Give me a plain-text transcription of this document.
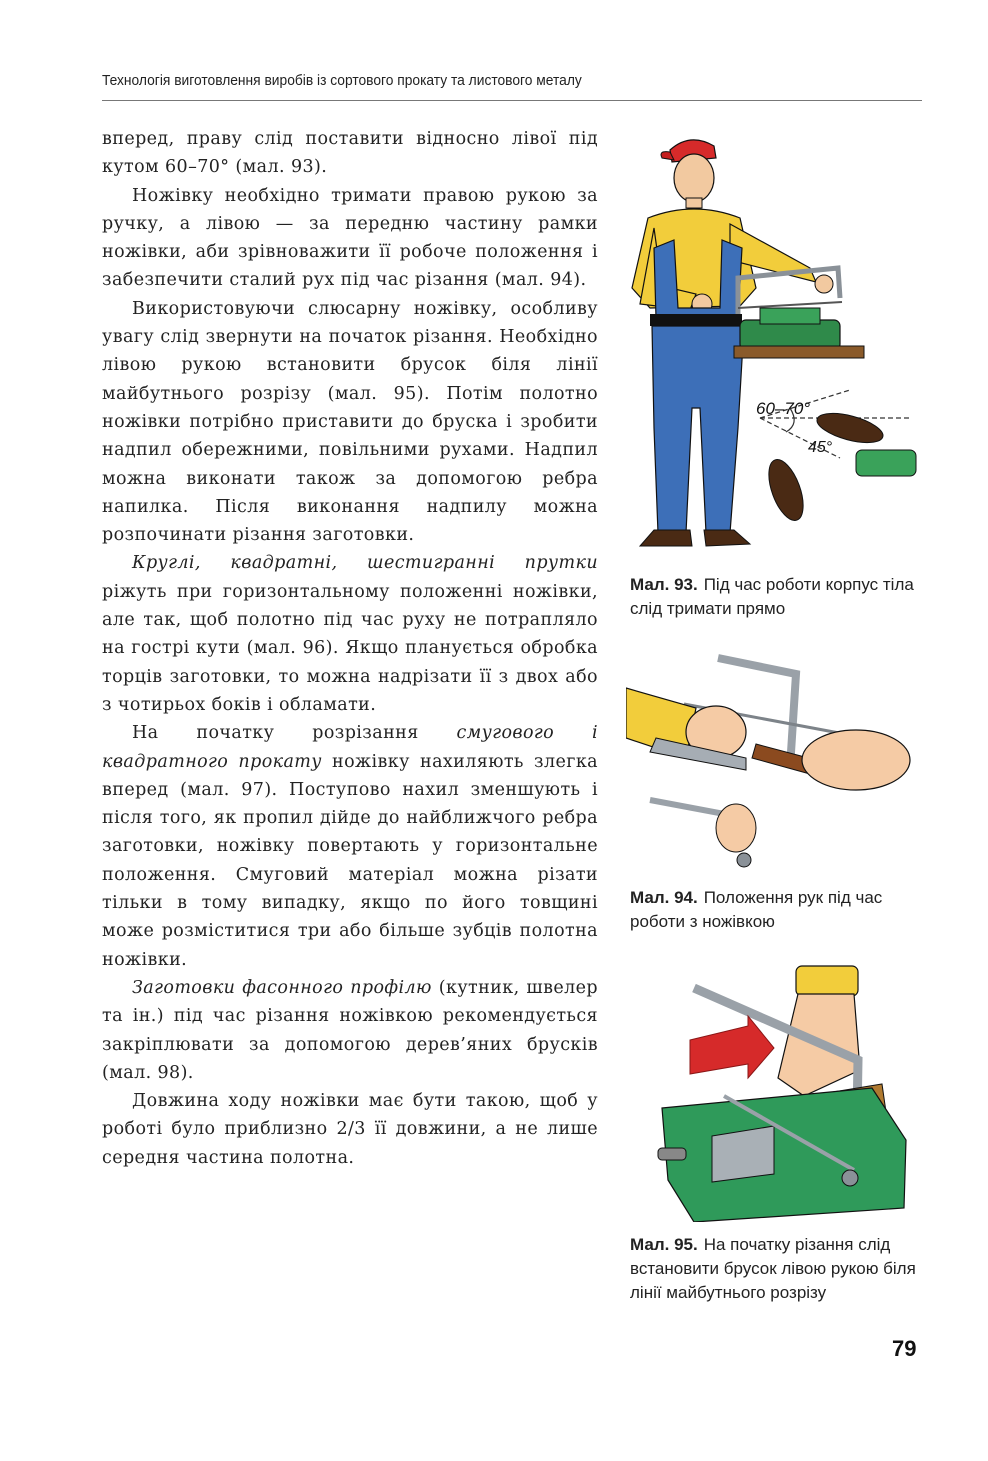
Технологія виготовлення виробів із сортового прокату та листового металу

вперед, праву слід поставити відносно лівої під кутом 60–70° (мал. 93).

Ножівку необхідно тримати правою рукою за ручку, а лівою — за передню частину рамки ножівки, аби зрівноважити її робоче положення і забезпечити сталий рух під час різання (мал. 94).

Використовуючи слюсарну ножівку, особливу увагу слід звернути на початок різання. Необхідно лівою рукою встановити брусок біля лінії майбутнього розрізу (мал. 95). Потім полотно ножівки потрібно приставити до бруска і зробити надпил обережними, повільними рухами. Надпил можна виконати також за допомогою ребра напилка. Після виконання надпилу можна розпочинати різання заготовки.

Круглі, квадратні, шестигранні прутки ріжуть при горизонтальному положенні ножівки, але так, щоб полотно під час руху не потрапляло на гострі кути (мал. 96). Якщо планується обробка торців заготовки, то можна надрізати її з двох або з чотирьох боків і обламати.

На початку розрізання смугового і квадратного прокату ножівку нахиляють злегка вперед (мал. 97). Поступово нахил зменшують і після того, як пропил дійде до найближчого ребра заготовки, ножівку повертають у горизонтальне положення. Смуговий матеріал можна різати тільки в тому випадку, якщо по його товщині може розміститися три або більше зубців полотна ножівки.

Заготовки фасонного профілю (кутник, швелер та ін.) під час різання ножівкою рекомендується закріплювати за допомогою дерев’яних брусків (мал. 98).

Довжина ходу ножівки має бути такою, щоб у роботі було приблизно 2/3 її довжини, а не лише середня частина полотна.

60–70°
45°
Мал. 93. Під час роботи корпус тіла слід тримати прямо
Мал. 94. Положення рук під час роботи з ножівкою
Мал. 95. На початку різання слід встановити брусок лівою рукою біля лінії майбутнього розрізу
79
